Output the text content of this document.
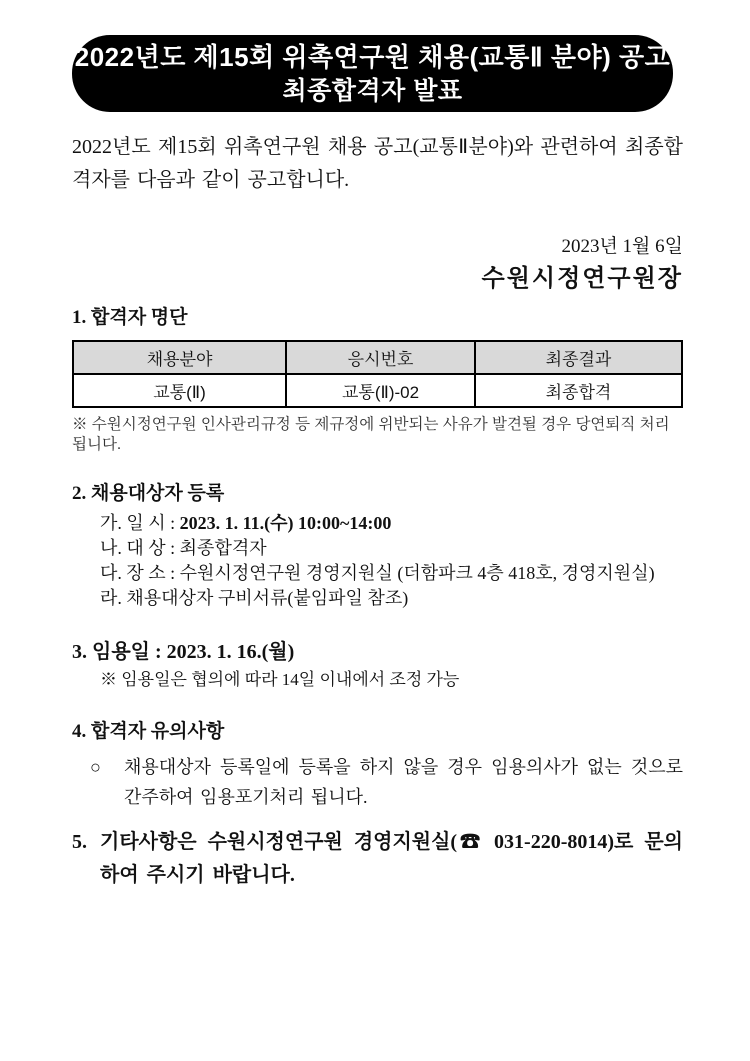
2022년도 제15회 위촉연구원 채용(교통Ⅱ 분야) 공고
최종합격자 발표
2022년도 제15회 위촉연구원 채용 공고(교통Ⅱ분야)와 관련하여 최종합격자를 다음과 같이 공고합니다.
2023년 1월 6일
수원시정연구원장
1. 합격자 명단
채용분야	응시번호	최종결과
교통(Ⅱ)	교통(Ⅱ)-02	최종합격
※ 수원시정연구원 인사관리규정 등 제규정에 위반되는 사유가 발견될 경우 당연퇴직 처리됩니다.
2. 채용대상자 등록
가. 일 시 : 2023. 1. 11.(수) 10:00~14:00
나. 대 상 : 최종합격자
다. 장 소 : 수원시정연구원 경영지원실 (더함파크 4층 418호, 경영지원실)
라. 채용대상자 구비서류(붙임파일 참조)
3. 임용일 : 2023. 1. 16.(월)
※ 임용일은 협의에 따라 14일 이내에서 조정 가능
4. 합격자 유의사항
○	채용대상자 등록일에 등록을 하지 않을 경우 임용의사가 없는 것으로 간주하여 임용포기처리 됩니다.
5. 기타사항은 수원시정연구원 경영지원실(☎ 031-220-8014)로 문의하여 주시기 바랍니다.
